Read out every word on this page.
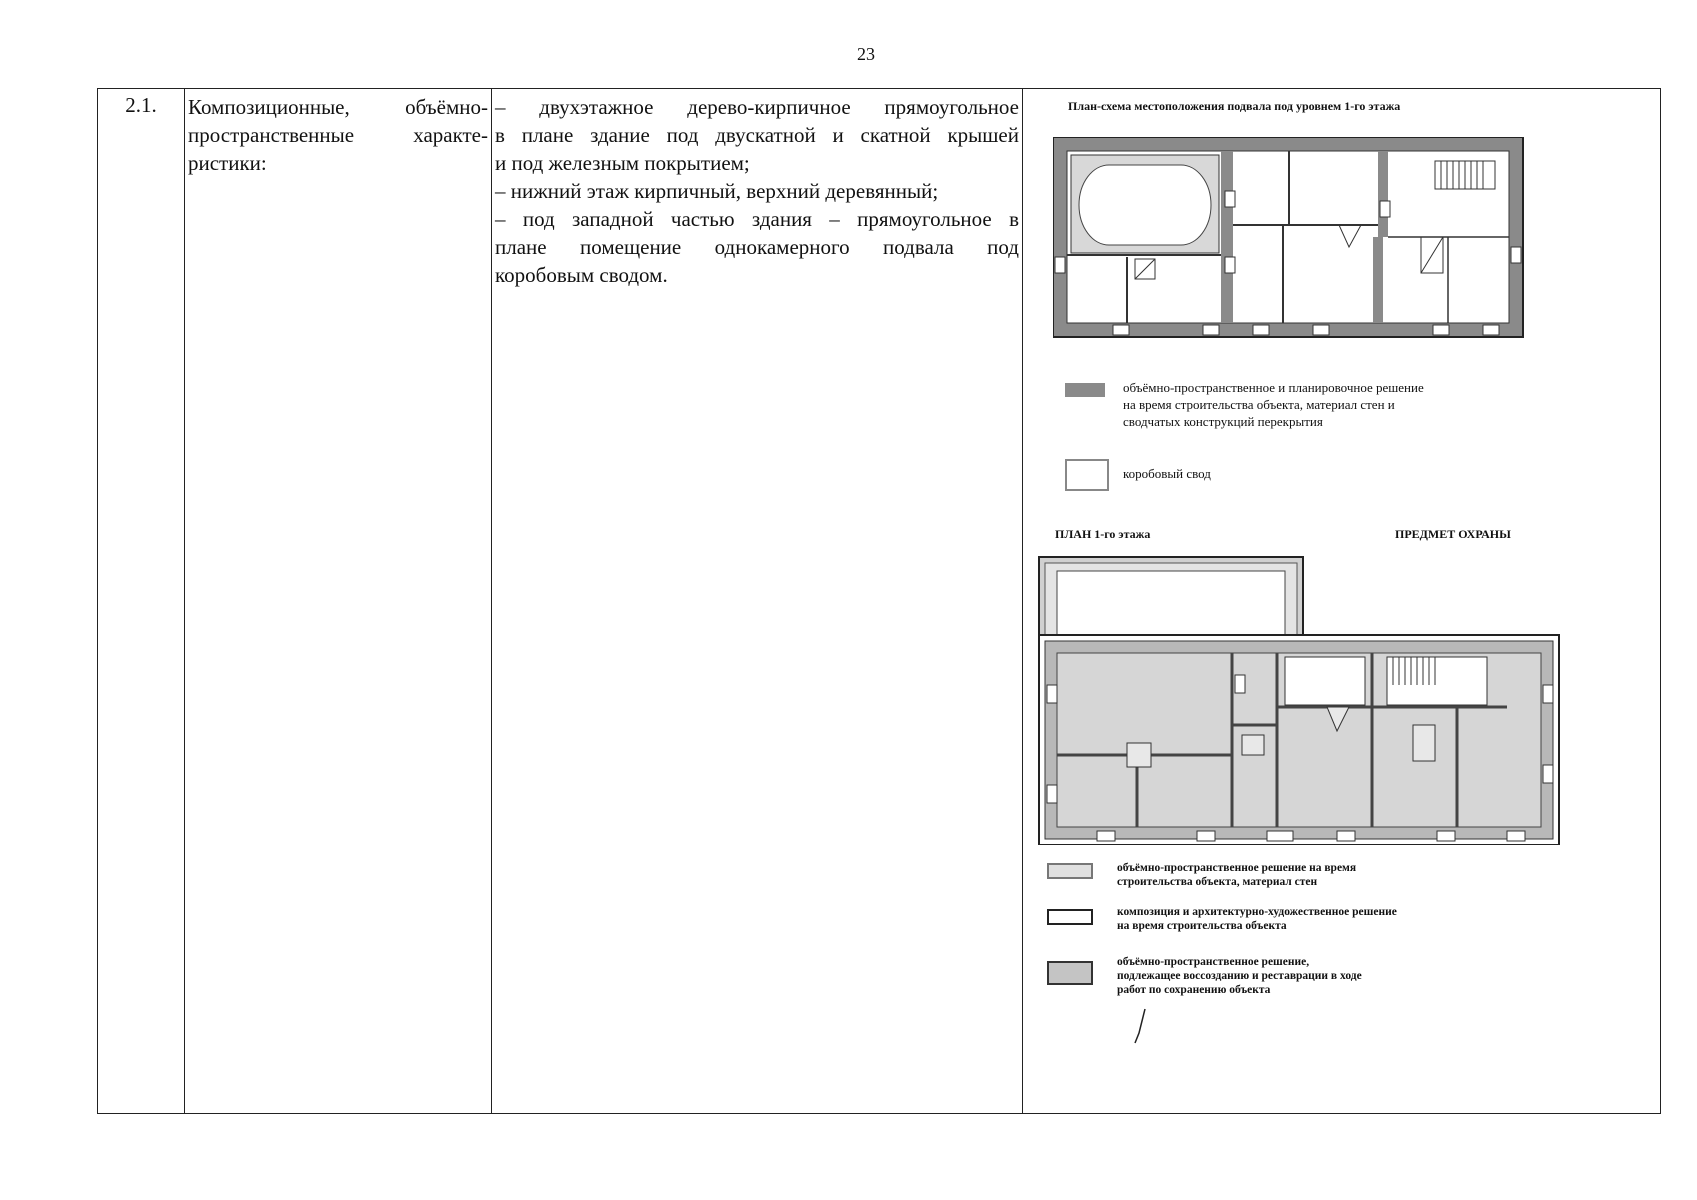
23
2.1.	Композиционные, объёмно-
пространственные характе-
ристики:

– двухэтажное дерево-кирпичное прямоугольное
в плане здание под двускатной и скатной крышей
и под железным покрытием;
– нижний этаж кирпичный, верхний деревянный;
– под западной частью здания – прямоугольное в
плане помещение однокамерного подвала под
коробовым сводом.

План-схема местоположения подвала под уровнем 1-го этажа
объёмно-пространственное и планировочное решение
на время строительства объекта, материал стен и
сводчатых конструкций перекрытия
коробовый свод
ПЛАН 1-го этажа	ПРЕДМЕТ ОХРАНЫ
объёмно-пространственное решение на время
строительства объекта, материал стен
композиция и архитектурно-художественное решение
на время строительства объекта
объёмно-пространственное решение,
подлежащее воссозданию и реставрации в ходе
работ по сохранению объекта
